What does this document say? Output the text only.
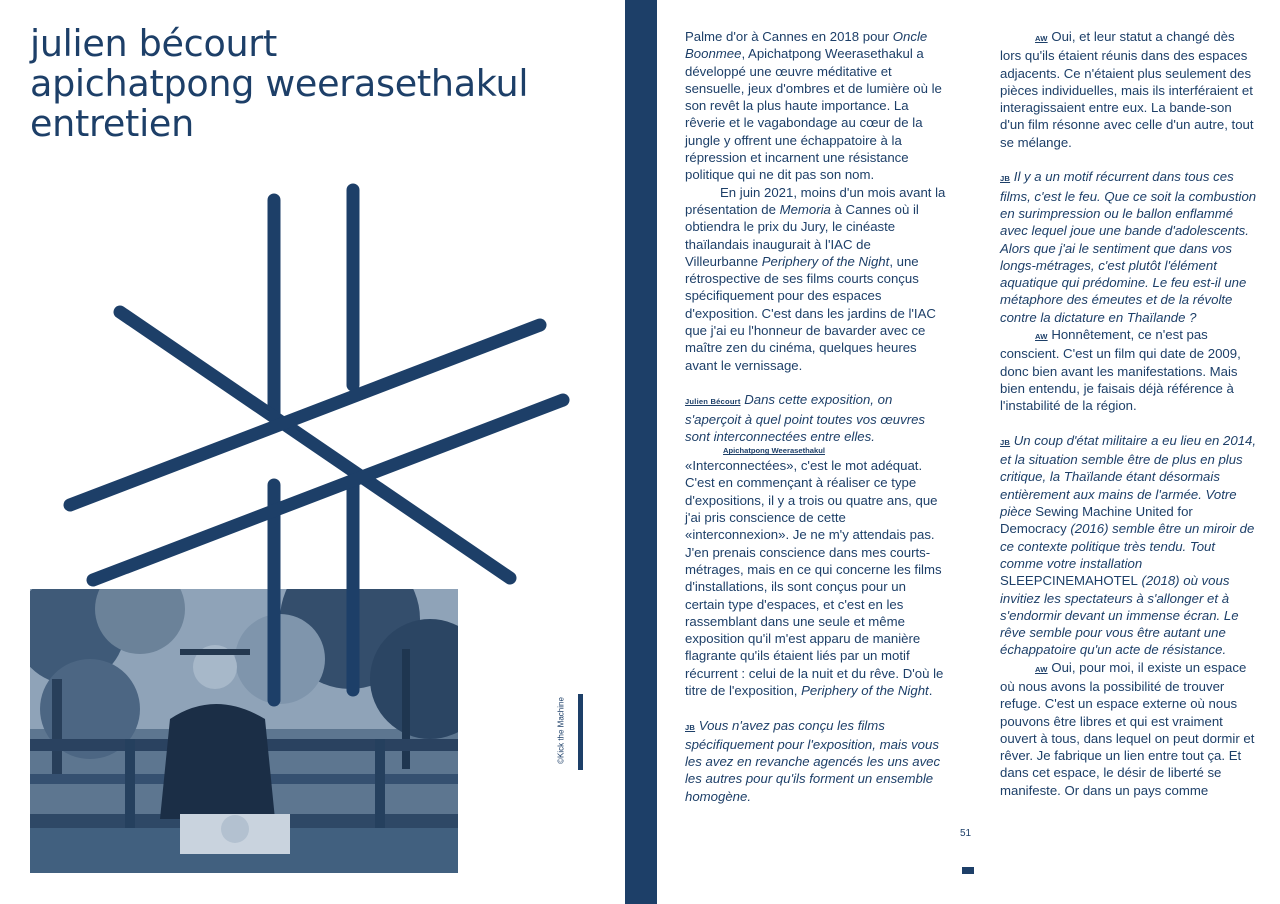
julien bécourt
apichatpong weerasethakul
entretien
©Kick the Machine

Palme d'or à Cannes en 2018 pour Oncle Boonmee, Apichatpong Weerasethakul a développé une œuvre méditative et sensuelle, jeux d'ombres et de lumière où le son revêt la plus haute importance. La rêverie et le vagabondage au cœur de la jungle y offrent une échappatoire à la répression et incarnent une résistance politique qui ne dit pas son nom.

En juin 2021, moins d'un mois avant la présentation de Memoria à Cannes où il obtiendra le prix du Jury, le cinéaste thaïlandais inaugurait à l'IAC de Villeurbanne Periphery of the Night, une rétrospective de ses films courts conçus spécifiquement pour des espaces d'exposition. C'est dans les jardins de l'IAC que j'ai eu l'honneur de bavarder avec ce maître zen du cinéma, quelques heures avant le vernissage.

Julien Bécourt Dans cette exposition, on s'aperçoit à quel point toutes vos œuvres sont interconnectées entre elles.

Apichatpong Weerasethakul

«Interconnectées», c'est le mot adéquat. C'est en commençant à réaliser ce type d'expositions, il y a trois ou quatre ans, que j'ai pris conscience de cette «interconnexion». Je ne m'y attendais pas. J'en prenais conscience dans mes courts-métrages, mais en ce qui concerne les films d'installations, ils sont conçus pour un certain type d'espaces, et c'est en les rassemblant dans une seule et même exposition qu'il m'est apparu de manière flagrante qu'ils étaient liés par un motif récurrent : celui de la nuit et du rêve. D'où le titre de l'exposition, Periphery of the Night.

JB Vous n'avez pas conçu les films spécifiquement pour l'exposition, mais vous les avez en revanche agencés les uns avec les autres pour qu'ils forment un ensemble homogène.

51

AW Oui, et leur statut a changé dès lors qu'ils étaient réunis dans des espaces adjacents. Ce n'étaient plus seulement des pièces individuelles, mais ils interféraient et interagissaient entre eux. La bande-son d'un film résonne avec celle d'un autre, tout se mélange.

JB Il y a un motif récurrent dans tous ces films, c'est le feu. Que ce soit la combustion en surimpression ou le ballon enflammé avec lequel joue une bande d'adolescents. Alors que j'ai le sentiment que dans vos longs-métrages, c'est plutôt l'élément aquatique qui prédomine. Le feu est-il une métaphore des émeutes et de la révolte contre la dictature en Thaïlande ?

AW Honnêtement, ce n'est pas conscient. C'est un film qui date de 2009, donc bien avant les manifestations. Mais bien entendu, je faisais déjà référence à l'instabilité de la région.

JB Un coup d'état militaire a eu lieu en 2014, et la situation semble être de plus en plus critique, la Thaïlande étant désormais entièrement aux mains de l'armée. Votre pièce Sewing Machine United for Democracy (2016) semble être un miroir de ce contexte politique très tendu. Tout comme votre installation SLEEPCINEMAHOTEL (2018) où vous invitiez les spectateurs à s'allonger et à s'endormir devant un immense écran. Le rêve semble pour vous être autant une échappatoire qu'un acte de résistance.

AW Oui, pour moi, il existe un espace où nous avons la possibilité de trouver refuge. C'est un espace externe où nous pouvons être libres et qui est vraiment ouvert à tous, dans lequel on peut dormir et rêver. Je fabrique un lien entre tout ça. Et dans cet espace, le désir de liberté se manifeste. Or dans un pays comme
